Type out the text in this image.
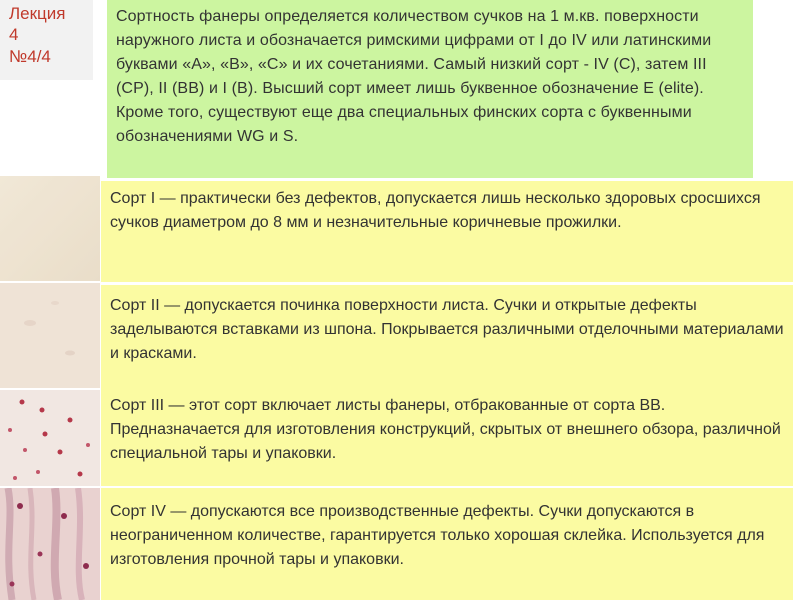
Лекция
4
№4/4
Сортность фанеры определяется количеством сучков на 1 м.кв. поверхности наружного листа и обозначается римскими цифрами от I до IV или латинскими буквами «A», «B», «C» и их сочетаниями. Самый низкий сорт - IV (С), затем III (СР), II (ВВ) и I (В). Высший сорт имеет лишь буквенное обозначение Е (elite). Кроме того, существуют еще два специальных финских сорта с буквенными обозначениями WG и S.
Сорт I — практически без дефектов, допускается лишь несколько здоровых сросшихся сучков диаметром до 8 мм и незначительные коричневые прожилки.
Сорт II — допускается починка поверхности листа. Сучки и открытые дефекты заделываются вставками из шпона. Покрывается различными отделочными материалами и красками.
Сорт III — этот сорт включает листы фанеры, отбракованные от сорта ВВ. Предназначается для изготовления конструкций, скрытых от внешнего обзора, различной специальной тары и упаковки.
Сорт IV — допускаются все производственные дефекты. Сучки допускаются в неограниченном количестве, гарантируется только хорошая склейка. Используется для изготовления прочной тары и упаковки.
